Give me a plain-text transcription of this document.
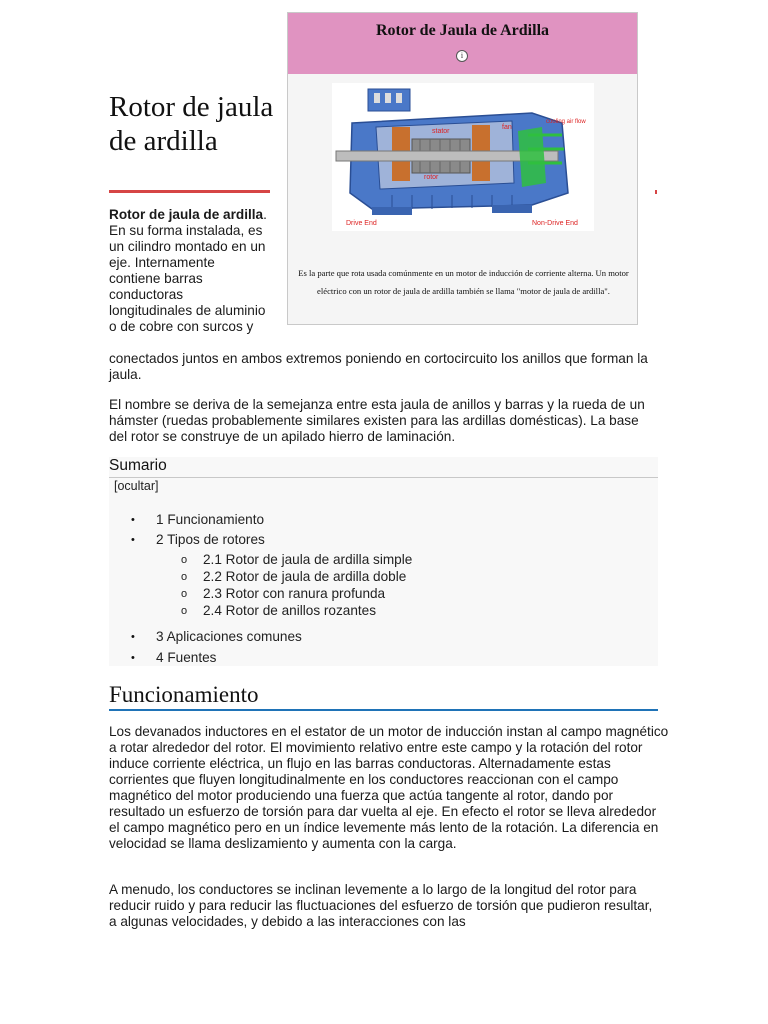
Rotor de jaula de ardilla
Rotor de Jaula de Ardilla
i
stator
rotor
fan
cooling air flow
Drive End	Non-Drive End
Es la parte que rota usada comúnmente en un motor de inducción de corriente alterna. Un motor eléctrico con un rotor de jaula de ardilla también se llama "motor de jaula de ardilla".

Rotor de jaula de ardilla. En su forma instalada, es un cilindro montado en un eje. Internamente contiene barras conductoras longitudinales de aluminio o de cobre con surcos y

conectados juntos en ambos extremos poniendo en cortocircuito los anillos que forman la jaula.

El nombre se deriva de la semejanza entre esta jaula de anillos y barras y la rueda de un hámster (ruedas probablemente similares existen para las ardillas domésticas). La base del rotor se construye de un apilado hierro de laminación.

Sumario
[ocultar]
• 1 Funcionamiento
• 2 Tipos de rotores
o 2.1 Rotor de jaula de ardilla simple
o 2.2 Rotor de jaula de ardilla doble
o 2.3 Rotor con ranura profunda
o 2.4 Rotor de anillos rozantes
• 3 Aplicaciones comunes
• 4 Fuentes
Funcionamiento

Los devanados inductores en el estator de un motor de inducción instan al campo magnético a rotar alrededor del rotor. El movimiento relativo entre este campo y la rotación del rotor induce corriente eléctrica, un flujo en las barras conductoras. Alternadamente estas corrientes que fluyen longitudinalmente en los conductores reaccionan con el campo magnético del motor produciendo una fuerza que actúa tangente al rotor, dando por resultado un esfuerzo de torsión para dar vuelta al eje. En efecto el rotor se lleva alrededor el campo magnético pero en un índice levemente más lento de la rotación. La diferencia en velocidad se llama deslizamiento y aumenta con la carga.

A menudo, los conductores se inclinan levemente a lo largo de la longitud del rotor para reducir ruido y para reducir las fluctuaciones del esfuerzo de torsión que pudieron resultar, a algunas velocidades, y debido a las interacciones con las
